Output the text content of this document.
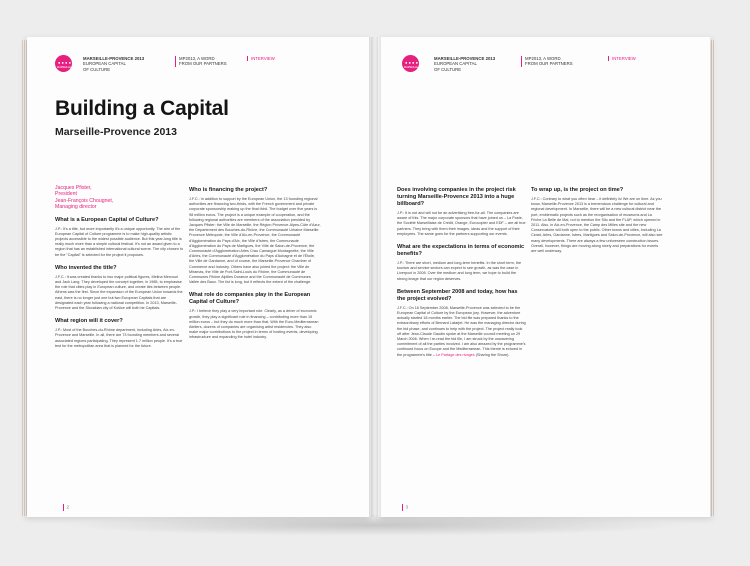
● ● ● ●
MARSEILLE
MARSEILLE-PROVENCE 2013
EUROPEAN CAPITAL
OF CULTURE
MP2013, A WORD
FROM OUR PARTNERS
INTERVIEW
Building a Capital
Marseille-Provence 2013
Jacques Pfister,
President
Jean-François Chougnet,
Managing director
What is a European Capital of Culture?

J.P.: It's a title, but more importantly it's a unique opportunity. The aim of the European Capital of Culture programme is to make high-quality artistic projects accessible to the widest possible audience. But this year-long title is really much more than a simple cultural festival. It's not an award given to a region that has an established international cultural scene. The city chosen to be the "Capital" is selected for the project it proposes.

Who invented the title?

J.F.C.: It was created thanks to two major political figures, Melina Mercouri and Jack Lang. They developed the concept together, in 1985, to emphasise the role that cities play in European culture, and create ties between people. Athens was the first. Since the expansion of the European Union towards the east, there is no longer just one but two European Capitals that are designated each year following a national competition. In 2013, Marseille-Provence and the Slovakian city of Košice will both be Capitals.

What region will it cover?

J.P.: Most of the Bouches-du-Rhône department, including Arles, Aix-en-Provence and Marseille. In all, there are 73 founding members and several associated regions participating. They represent 1.7 million people. It's a true test for the metropolitan area that is planned for the future.

Who is financing the project?

J.F.C.: In addition to support by the European Union, the 13 founding regional authorities are financing two-thirds, with the French government and private corporate sponsorship making up the final third. The budget over five years is 98 million euros. The project is a unique example of cooperation, and the following regional authorities are members of the association presided by Jacques Pfister: the Ville de Marseille, the Région Provence-Alpes-Côte d'Azur, the Département des Bouches-du-Rhône, the Communauté Urbaine Marseille Provence Métropole, the Ville d'Aix-en-Provence, the Communauté d'Agglomération du Pays d'Aix, the Ville d'Istres, the Communauté d'Agglomération du Pays de Martigues, the Ville de Salon-de-Provence, the Communauté d'Agglomération Arles Crau Camargue Montagnette, the Ville d'Arles, the Communauté d'Agglomération du Pays d'Aubagne et de l'Étoile, the Ville de Gardanne, and of course, the Marseille-Provence Chamber of Commerce and Industry. Others have also joined the project: the Ville de Miramas, the Ville de Port-Saint-Louis du Rhône, the Communauté de Communes Rhône Alpilles Durance and the Communauté de Communes Vallée des Baux. The list is long, but it reflects the extent of the challenge.

What role do companies play in the European Capital of Culture?

J.P.: I believe they play a very important role. Clearly, as a driver of economic growth, they play a significant role in financing – contributing more than 15 million euros – but they do much more than that. With the Euro-Mediterranean Ateliers, dozens of companies are organising artist residencies. They also make major contributions to the project in terms of hosting events, developing infrastructure and expanding the hotel industry.

2
● ● ● ●
MARSEILLE
MARSEILLE-PROVENCE 2013
EUROPEAN CAPITAL
OF CULTURE
MP2013, A WORD
FROM OUR PARTNERS
INTERVIEW
Does involving companies in the project risk turning Marseille-Provence 2013 into a huge billboard?

J.P.: It is not and will not be an advertising free-for-all. The companies are aware of this. The major corporate sponsors that have joined us – La Poste, the Société Marseillaise de Crédit, Orange, Eurocopter and EDF – are all true partners. They bring with them their images, ideas and the support of their employees. The same goes for the partners supporting our events.

What are the expectations in terms of economic benefits?

J.P.: There are short, medium and long-term benefits. In the short term, the tourism and service sectors can expect to see growth, as was the case in Liverpool in 2008. Over the medium and long term, we hope to build the strong image that our region deserves.

Between September 2008 and today, how has the project evolved?

J.F.C.: On 16 September 2008, Marseille-Provence was selected to be the European Capital of Culture by the European jury. However, the adventure actually started 18 months earlier. The bid file was prepared thanks to the extraordinary efforts of Bernard Latarjet. He was the managing director during the bid phase, and continues to help with the project. The project really took off after Jean-Claude Gaudin spoke at the Marseille council meeting on 29 March 2006. When I re-read the bid file, I am struck by the unwavering commitment of all the parties involved. I am also amazed by the programme's continued focus on Europe and the Mediterranean. This theme is echoed in the programme's title – Le Partage des rivages (Sharing the Shore).

To wrap up, is the project on time?

J.F.C.: Contrary to what you often hear – it definitely is! We are on time. As you know, Marseille-Provence 2013 is a tremendous challenge for cultural and regional development. In Marseille, there will be a new cultural district near the port, emblematic projects such as the reorganisation of museums and La Friche La Belle de Mai, not to mention the Silo and the FLAP, which opened in 2011. Also, in Aix-en-Provence, the Camp des Milles site and the new Conservatoire will both open to the public. Other towns and cities, including La Ciotat, Arles, Gardanne, Istres, Martigues and Salon-de-Provence, will also see many developments. There are always a few unforeseen construction issues. Overall, however, things are moving along nicely and preparations for events are well underway.

3
